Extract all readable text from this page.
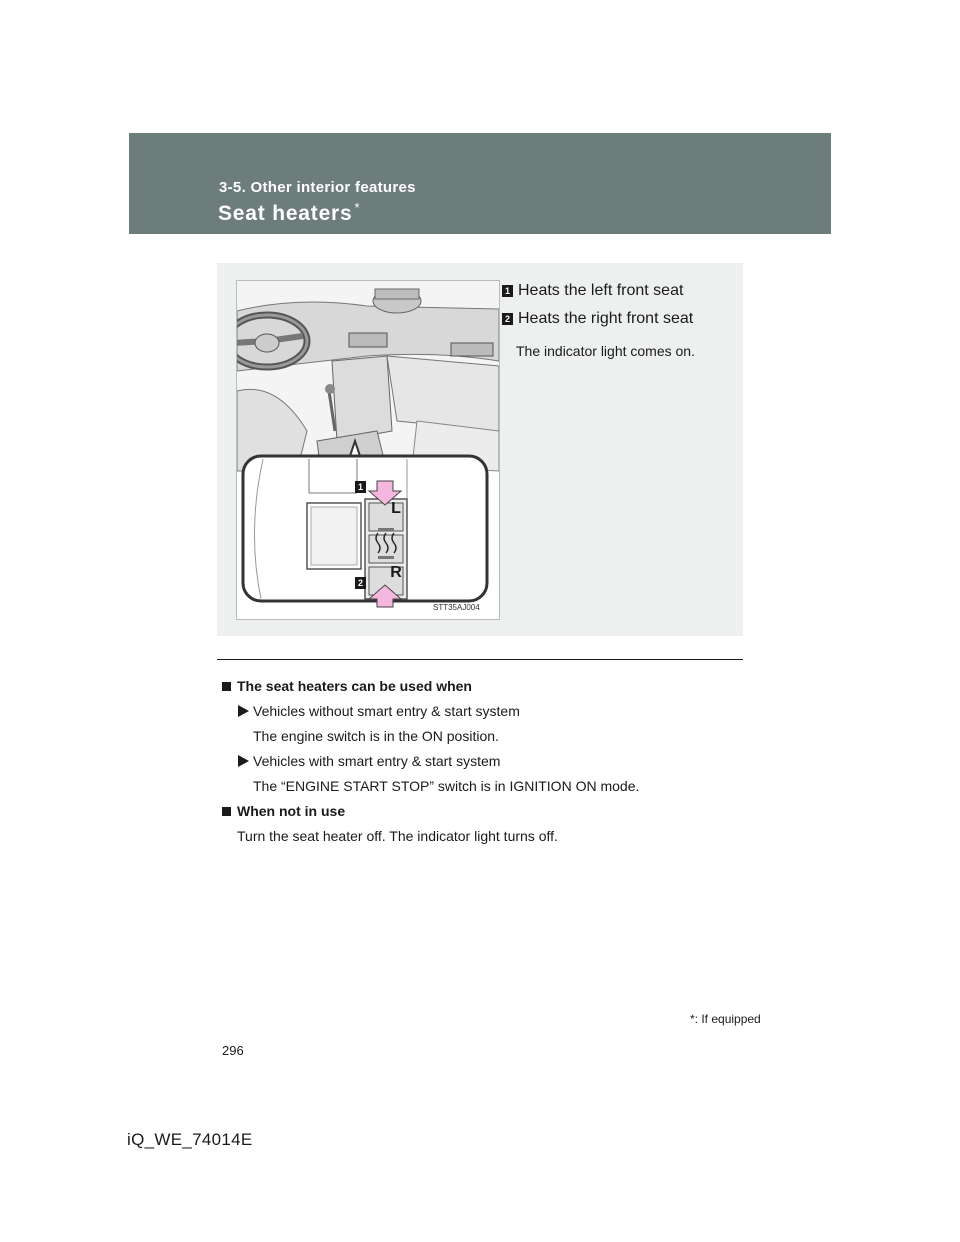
3-5. Other interior features
Seat heaters *
L
R
1
2
STT35AJ004
1 Heats the left front seat
2 Heats the right front seat
The indicator light comes on.
The seat heaters can be used when
Vehicles without smart entry & start system
The engine switch is in the ON position.
Vehicles with smart entry & start system
The “ENGINE START STOP” switch is in IGNITION ON mode.
When not in use
Turn the seat heater off. The indicator light turns off.
*: If equipped
296
iQ_WE_74014E
